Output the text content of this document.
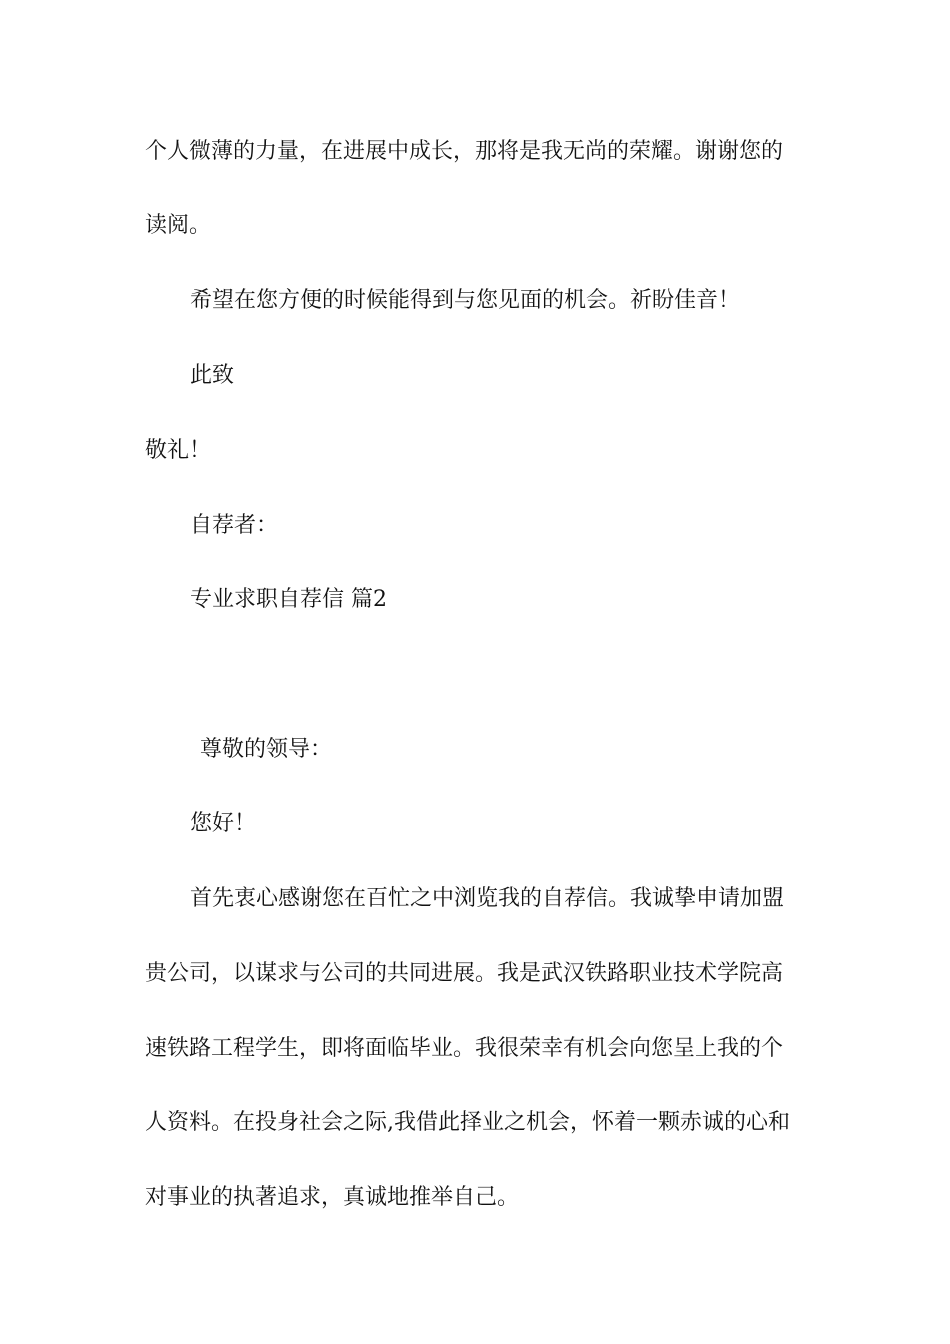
个人微薄的力量，在进展中成长，那将是我无尚的荣耀。谢谢您的
读阅。
希望在您方便的时候能得到与您见面的机会。祈盼佳音！
此致
敬礼！
自荐者：
专业求职自荐信 篇2
尊敬的领导：
您好！
首先衷心感谢您在百忙之中浏览我的自荐信。我诚挚申请加盟
贵公司，以谋求与公司的共同进展。我是武汉铁路职业技术学院高
速铁路工程学生，即将面临毕业。我很荣幸有机会向您呈上我的个
人资料。在投身社会之际,我借此择业之机会，怀着一颗赤诚的心和
对事业的执著追求，真诚地推举自己。
